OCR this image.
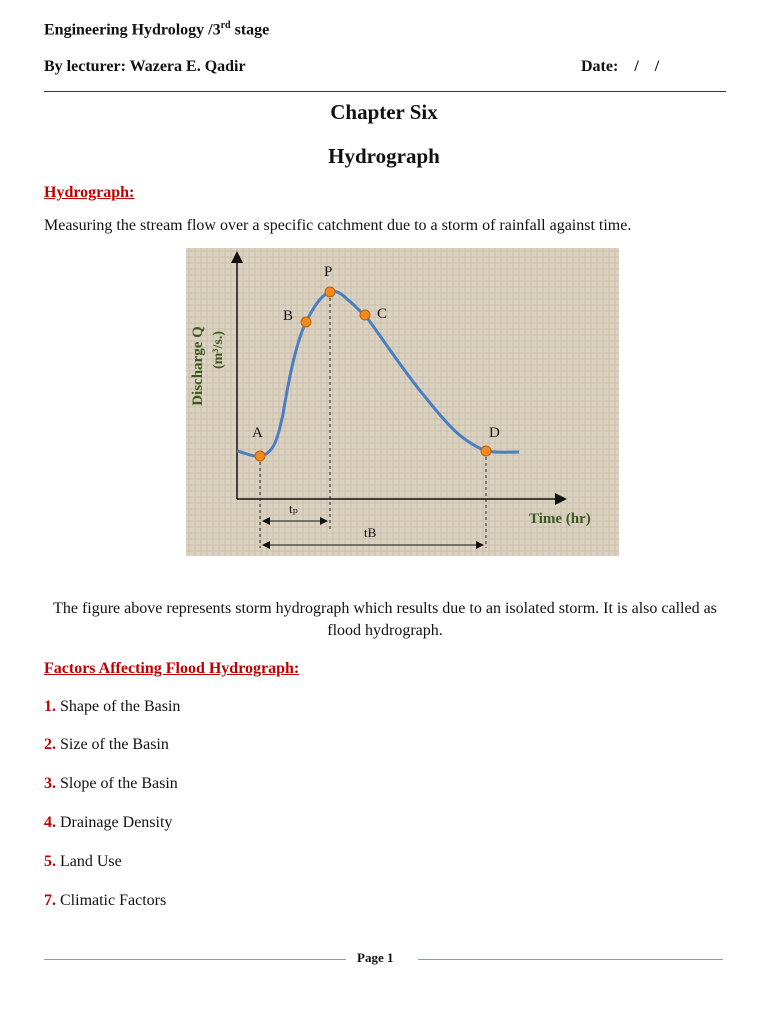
Engineering Hydrology /3rd stage
By lecturer: Wazera E. Qadir	Date:    /    /
Chapter Six
Hydrograph
Hydrograph:
Measuring the stream flow over a specific catchment due to a storm of rainfall against time.
tₚ
tB
A
B
P
C
D
Time (hr)
Discharge Q (m³/s.)
The figure above represents storm hydrograph which results due to an isolated storm. It is also called as flood hydrograph.
Factors Affecting Flood Hydrograph:
1. Shape of the Basin
2. Size of the Basin
3. Slope of the Basin
4. Drainage Density
5. Land Use
7. Climatic Factors
Page 1
